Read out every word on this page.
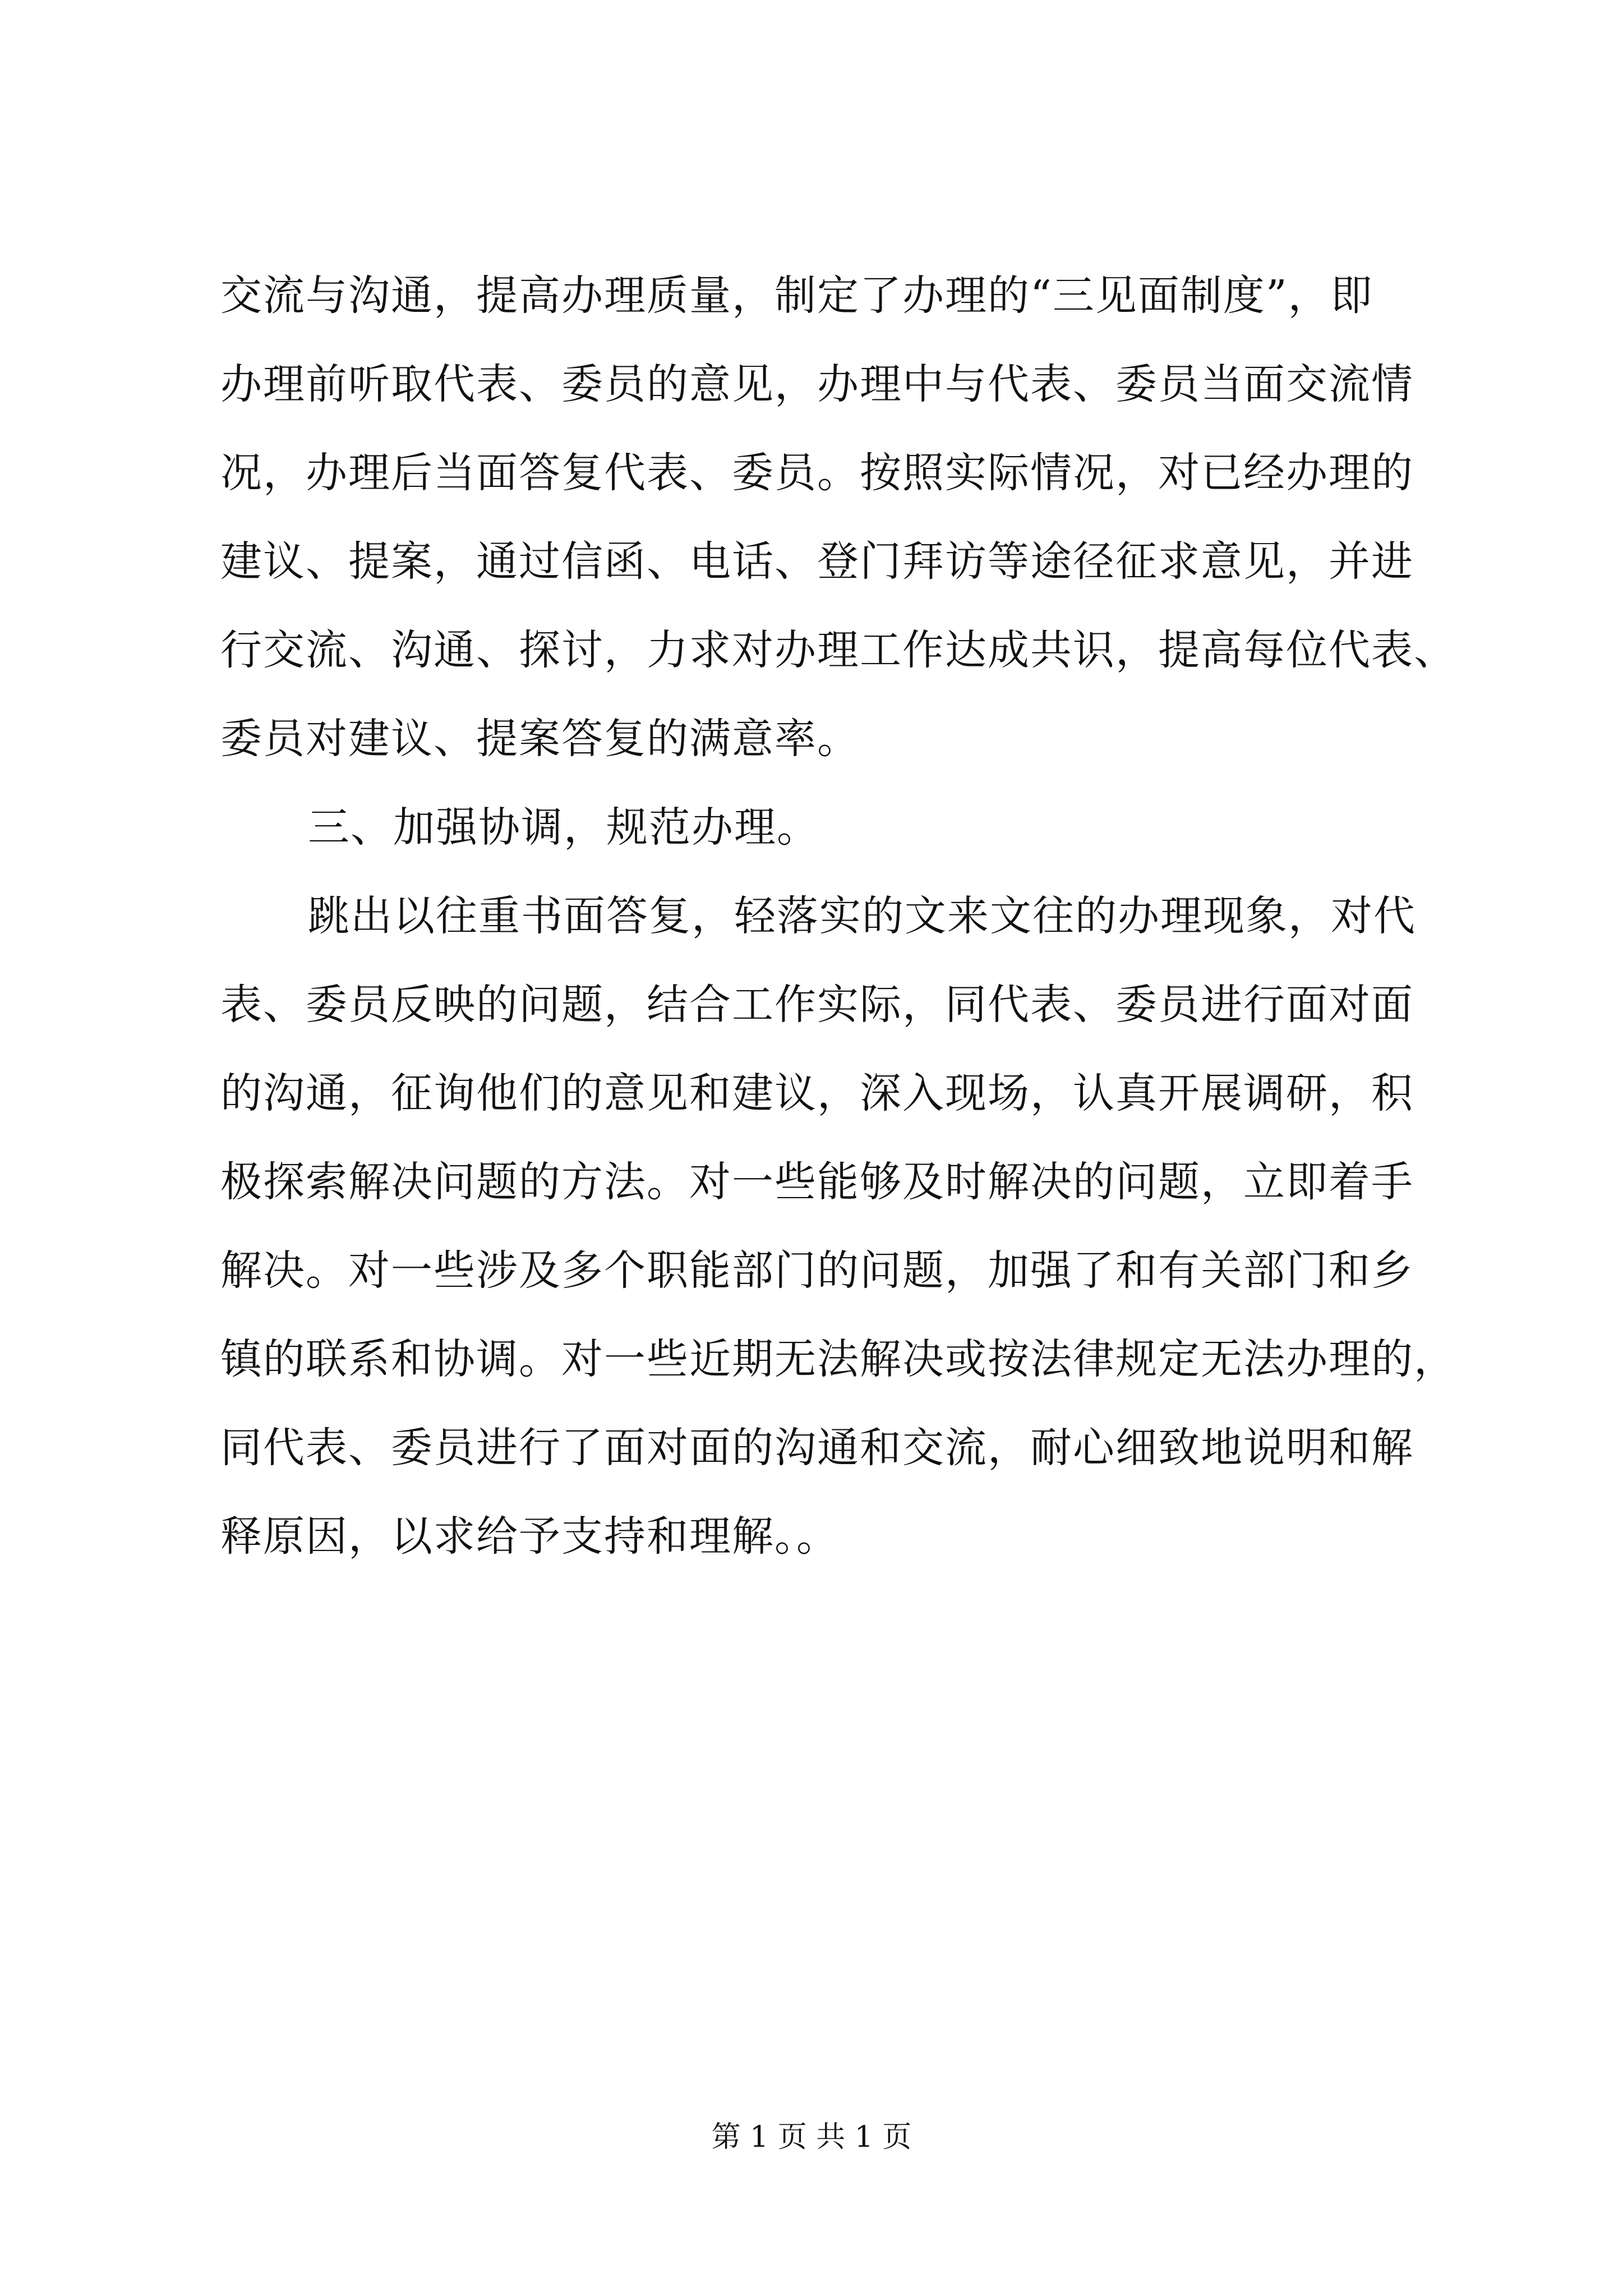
交流与沟通，提高办理质量，制定了办理的“三见面制度”，即
办理前听取代表、委员的意见，办理中与代表、委员当面交流情
况，办理后当面答复代表、委员。按照实际情况，对已经办理的
建议、提案，通过信函、电话、登门拜访等途径征求意见，并进
行交流、沟通、探讨，力求对办理工作达成共识，提高每位代表、
委员对建议、提案答复的满意率。
三、加强协调，规范办理。
跳出以往重书面答复，轻落实的文来文往的办理现象，对代
表、委员反映的问题，结合工作实际，同代表、委员进行面对面
的沟通，征询他们的意见和建议，深入现场，认真开展调研，积
极探索解决问题的方法。对一些能够及时解决的问题，立即着手
解决。对一些涉及多个职能部门的问题，加强了和有关部门和乡
镇的联系和协调。对一些近期无法解决或按法律规定无法办理的，
同代表、委员进行了面对面的沟通和交流，耐心细致地说明和解
释原因，以求给予支持和理解。。
第 1 页 共 1 页
